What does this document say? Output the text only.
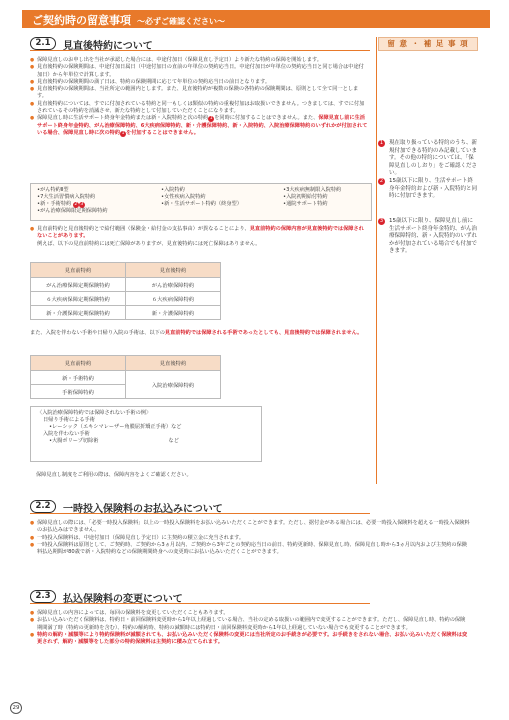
ご契約時の留意事項 〜必ずご確認ください〜
留 意 ・ 補 足 事 項
1	現在取り扱っている特約のうち、新規付加できる特約のみ記載しています。その他の特約については、「保障見直しのしおり」をご確認ください。
2	15歳以下に限り、生活サポート終身年金特約および新・入院特約と同時に付加できます。
3	15歳以下に限り、保障見直し前に生活サポート終身年金特約、がん治療保障特約、新・入院特約のいずれかが付加されている場合でも付加できます。
2.1	見直後特約について
● 保障見直しのお申し出を当社が承認した場合には、中途付加日（保障見直し予定日）より新たな特約の保障を開始します。
● 見直後特約の保険期間は、中途付加日属日（中途付加日の直前の年単位の契約応当日。中途付加日が年単位の契約応当日と同じ場合は中途付加日）から年単位で計算します。
● 見直後特約の保険期間の満了日は、特約の保険期間に応じて年単位の契約応当日の前日となります。
● 見直後特約の保険期間は、当社所定の範囲内とします。また、見直後特約が複数の保険の各特約の保険期間は、原則として全て同一とします。
● 見直後特約については、すでに付加されている特約と同一もしくは類似の特約の重複付加はお取扱いできません。つきましては、すでに付加されているその特約を消滅させ、新たな特約として付加していただくことになります。
● 保障見直し時に生活サポート終身年金特約または新・入院特約と次の特約 1 を同時に付加することはできません。また、保障見直し前に生活サポート終身年金特約、がん治療保障特約、6大疾病保障特約、新・介護保障特約、新・入院特約、入院治療保障特約のいずれかが付加されている場合、保障見直し時に次の特約 1 を付加することはできません。
•がん特約Ⅱ型
•7大生活習慣病入院特約
•新・手術特約 2 3
•がん治療保障限定期保障特約
•入院特約
•女性疾病入院特約
•新・生活サポート特約（終身型）
•3大疾病無制限入院特約
•入院初期給付特約
•通院サポート特約
● 見直前特約と見直後特約とで給付範囲（保険金・給付金の支払事由）が異なることにより、見直前特約の保障内容が見直後特約では保障されないことがあります。
例えば、以下の見直前特約には死亡保障がありますが、見直後特約には死亡保障はありません。
見直前特約	見直後特約
がん治療保障定期保険特約	がん治療保障特約
６大疾病保障定期保険特約	６大疾病保障特約
新・介護保障定期保険特約	新・介護保障特約
また、入院を伴わない手術や日帰り入院の手術は、以下の見直前特約では保障される手術であったとしても、見直後特約では保障されません。
見直前特約	見直後特約
新・手術特約	入院治療保障特約
手術保障特約	
〈入院治療保障特約では保障されない手術の例〉
日帰り手術による手術
•レーシック（エキシマレーザー角膜屈折矯正手術）など
入院を伴わない手術
•大腸ポリープ切除術	など
保障見直し制度をご利用の際は、保障内容をよくご確認ください。
2.2	一時投入保険料のお払込みについて
● 保障見直しの際には、「必要一時投入保険料」以上の一時投入保険料をお払い込みいただくことができます。ただし、据付金がある場合には、必要一時投入保険料を超える一時投入保険料のお払込みはできません。
● 一時投入保険料は、中途付加日（保障見直し予定日）に主契約の積立金に充当されます。
● 一時投入保険料は原則として、ご契約時、ご契約から3ヵ月以内、ご契約から3年ごとの契約応当日の前日、特約更新時、保障見直し時、保障見直し時から3ヵ月以内および主契約の保険料払込期間が80歳で新・入院特約などの保険期間終身への変更時にお払い込みいただくことができます。
2.3	払込保険料の変更について
● 保障見直しの内容によっては、毎回の保険料を変更していただくこともあります。
● お払い込みいただく保険料は、特約日・前回保険料変更時から1年以上経過している場合、当社の定める取扱いの範囲内で変更することができます。ただし、保障見直し時、特約の保険期間満了時（特約の更新時を含む）、特約の解約時、特約の減額時には特約日・前回保険料変更時から1年以上経過していない場合でも変更することができます。
● 特約の解約・減額等により特約保険料が減額されても、お払い込みいただく保険料の変更には当社所定のお手続きが必要です。お手続きをされない場合、お払い込みいただく保険料は変更されず、解約・減額等をした部分の特約保険料は主契約に積み立てられます。
29
